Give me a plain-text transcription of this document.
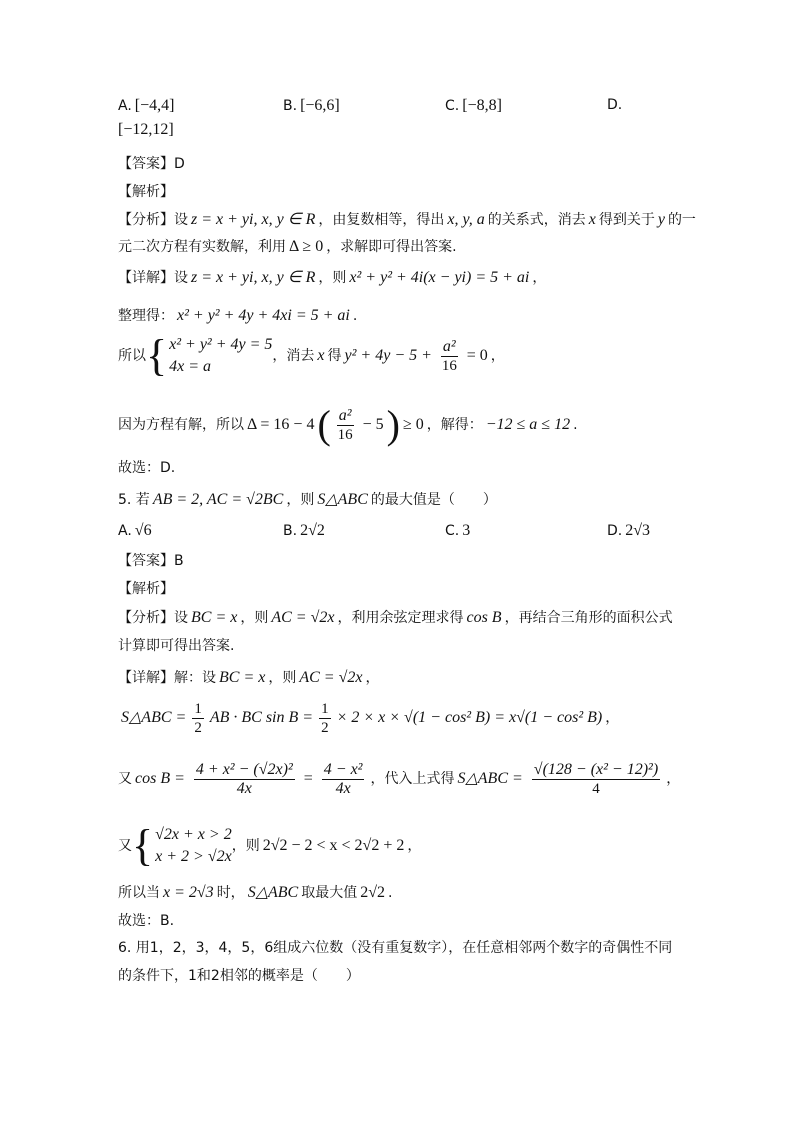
A. [−4,4]	B. [−6,6]	C. [−8,8]	D.
[−12,12]
【答案】D
【解析】
【分析】设 z = x + yi, x, y ∈ R ，由复数相等，得出 x, y, a 的关系式，消去 x 得到关于 y 的一
元二次方程有实数解，利用 Δ ≥ 0 ，求解即可得出答案.
【详解】设 z = x + yi, x, y ∈ R ，则 x² + y² + 4i(x − yi) = 5 + ai ，
整理得： x² + y² + 4y + 4xi = 5 + ai .
所以 { x² + y² + 4y = 5
4x = a
，消去 x 得 $y^2 + 4y - 5 + \frac{\text{a²}}{16} = 0$ ，
因为方程有解，所以 Δ = 16 − 4 ( $\frac{\text{a²}}{16} - 5$ ) ≥ 0 ，解得： −12 ≤ a ≤ 12 .
故选：D.
5. 若 AB = 2, AC = √2BC ，则 S△ABC 的最大值是（　　）
A. √6	B. 2√2	C. 3	D. 2√3
【答案】B
【解析】
【分析】设 BC = x ，则 AC = √2x ，利用余弦定理求得 cos B ，再结合三角形的面积公式
计算即可得出答案.
【详解】解：设 BC = x ，则 AC = √2x ，
S△ABC = $\frac{1}{2}$ AB · BC $\sin B = \frac{1}{2} \times 2 \times x \times √(1 - \cos^2$ B) = x√(1 − cos² B) ，
又 $\cos B = \frac{\text{4 + x² − (√2x)²}}{4x} = \frac{\text{4 − x²}}{4x}$ ，代入上式得 S△ABC = $\frac{\text{√(128 − (x² − 12)²)}}{4}$ ，
又 { √2x + x > 2
x + 2 > √2x
，则 2√2 − 2 < x < 2√2 + 2 ，
所以当 x = 2√3 时， S△ABC 取最大值 2√2 .
故选：B.
6. 用1，2，3，4，5，6组成六位数（没有重复数字），在任意相邻两个数字的奇偶性不同
的条件下，1和2相邻的概率是（　　）
